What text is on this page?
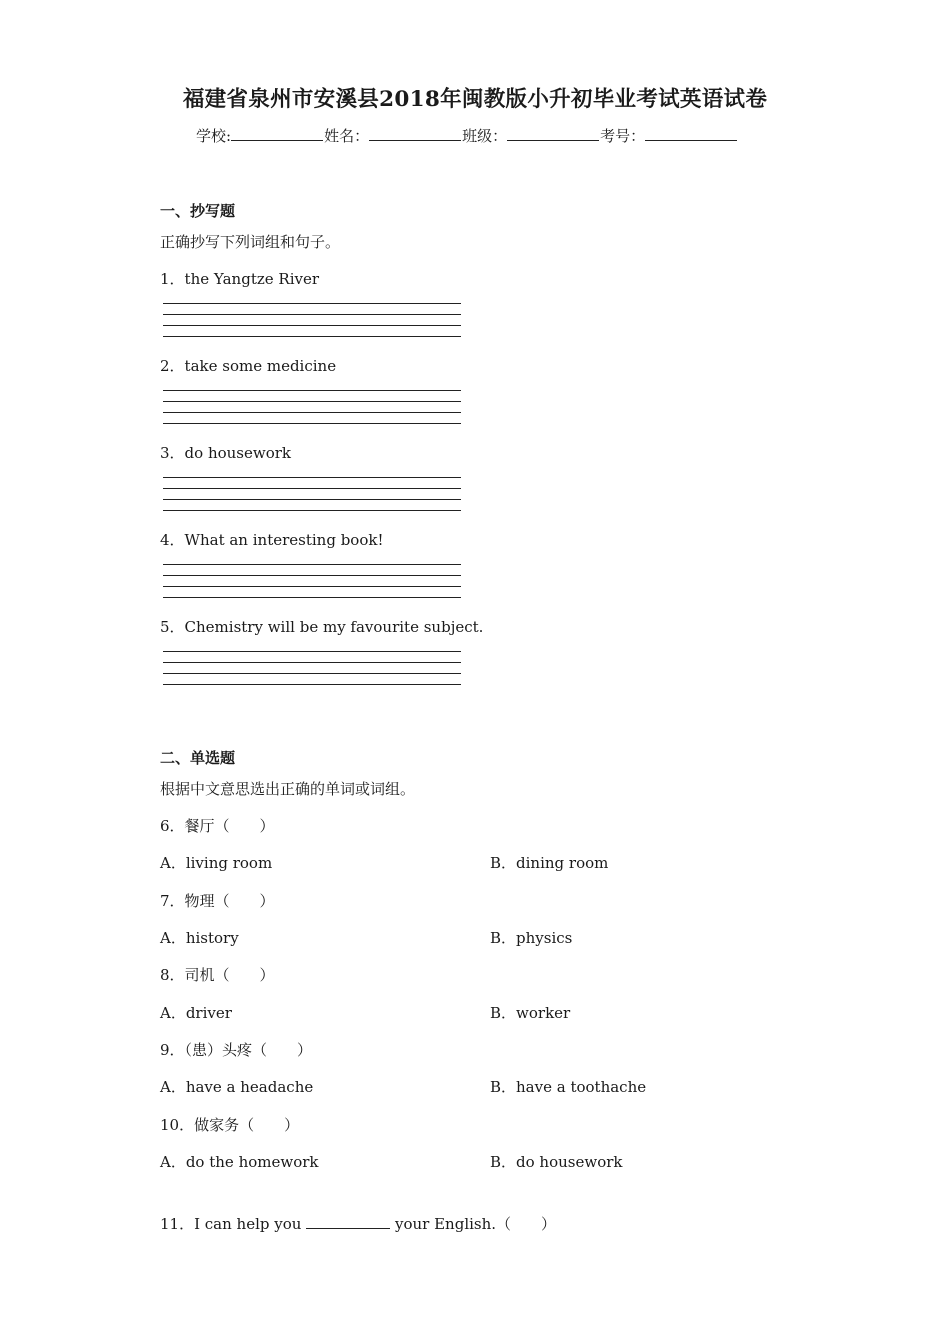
福建省泉州市安溪县2018年闽教版小升初毕业考试英语试卷
学校:	姓名：	班级：	考号：
一、抄写题
正确抄写下列词组和句子。
1．the Yangtze River
2．take some medicine
3．do housework
4．What an interesting book!
5．Chemistry will be my favourite subject.
二、单选题
根据中文意思选出正确的单词或词组。
6．餐厅（　　）
A．living room	B．dining room
7．物理（　　）
A．history	B．physics
8．司机（　　）
A．driver	B．worker
9．（患）头疼（　　）
A．have a headache	B．have a toothache
10．做家务（　　）
A．do the homework	B．do housework
11．I can help you	your English.（　　）
